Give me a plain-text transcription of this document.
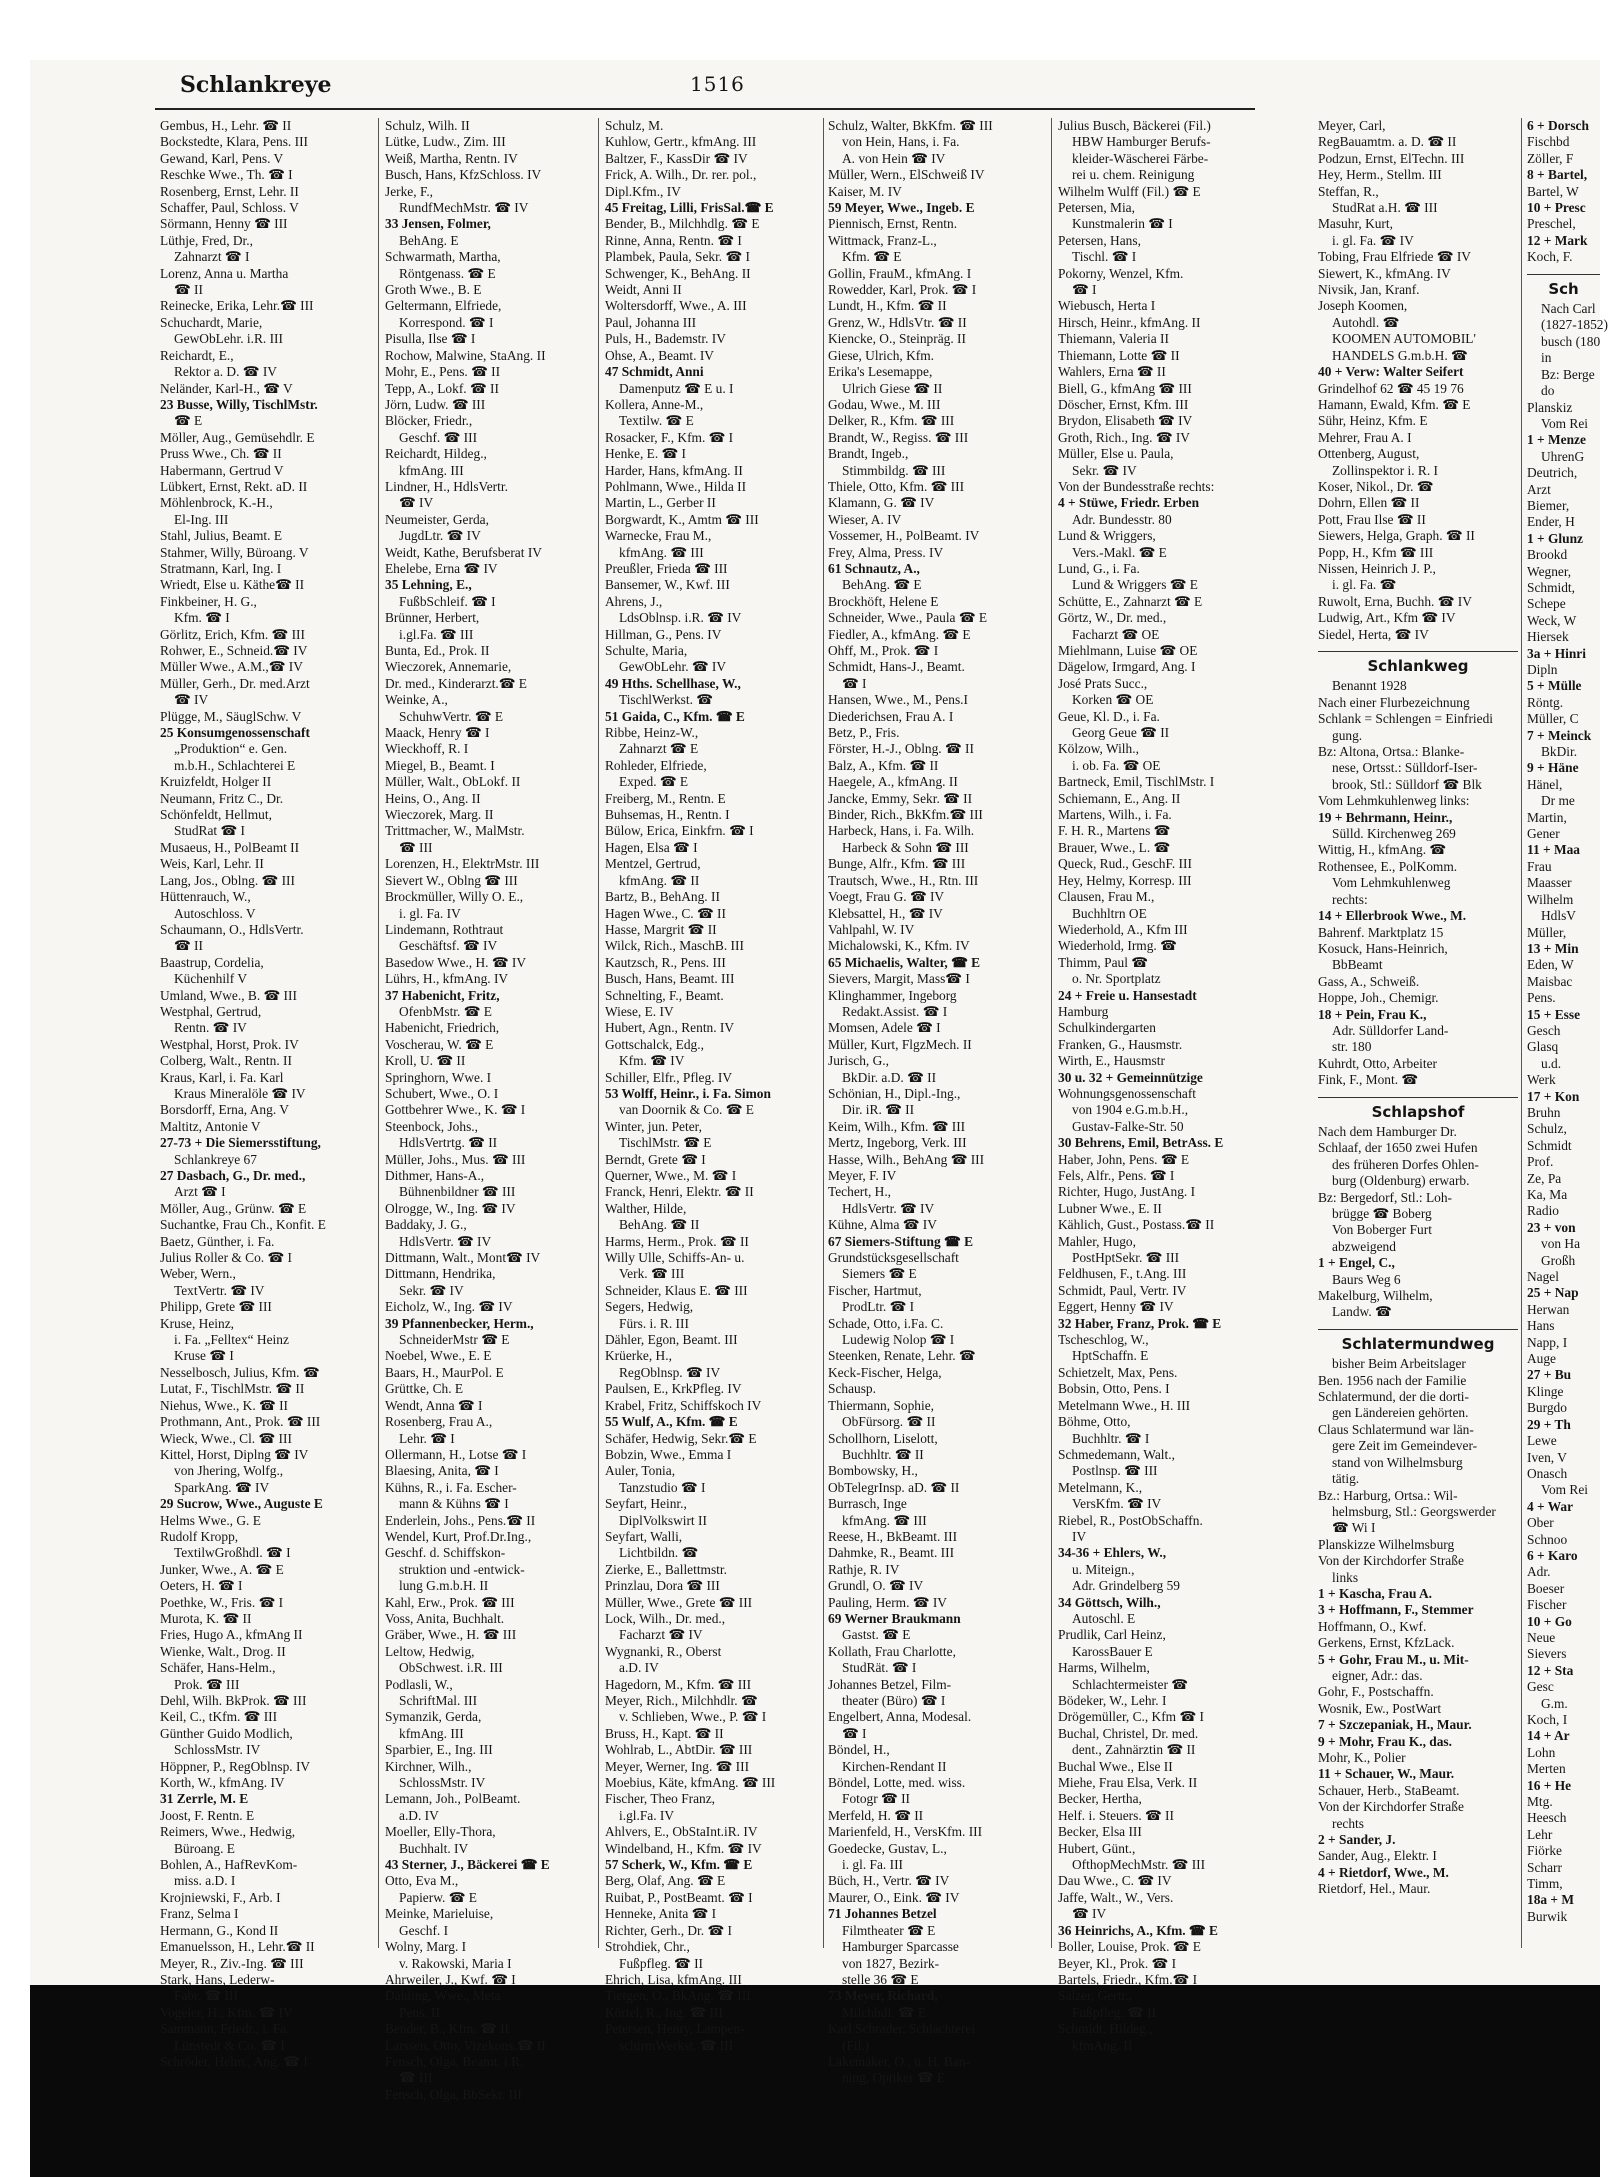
Schlankreye	1516
Gembus, H., Lehr. ☎ II
Bockstedte, Klara, Pens. III
Gewand, Karl, Pens. V
Reschke Wwe., Th. ☎ I
Rosenberg, Ernst, Lehr. II
Schaffer, Paul, Schloss. V
Sörmann, Henny ☎ III
Lüthje, Fred, Dr.,
Zahnarzt ☎ I
Lorenz, Anna u. Martha
☎ II
Reinecke, Erika, Lehr.☎ III
Schuchardt, Marie,
GewObLehr. i.R. III
Reichardt, E.,
Rektor a. D. ☎ IV
Neländer, Karl-H., ☎ V
23 Busse, Willy, TischlMstr.
☎ E
Möller, Aug., Gemüsehdlr. E
Pruss Wwe., Ch. ☎ II
Habermann, Gertrud V
Lübkert, Ernst, Rekt. aD. II
Möhlenbrock, K.-H.,
El-Ing. III
Stahl, Julius, Beamt. E
Stahmer, Willy, Büroang. V
Stratmann, Karl, Ing. I
Wriedt, Else u. Käthe☎ II
Finkbeiner, H. G.,
Kfm. ☎ I
Görlitz, Erich, Kfm. ☎ III
Rohwer, E., Schneid.☎ IV
Müller Wwe., A.M.,☎ IV
Müller, Gerh., Dr. med.Arzt
☎ IV
Plügge, M., SäuglSchw. V
25 Konsumgenossenschaft
„Produktion“ e. Gen.
m.b.H., Schlachterei E
Kruizfeldt, Holger II
Neumann, Fritz C., Dr.
Schönfeldt, Hellmut,
StudRat ☎ I
Musaeus, H., PolBeamt II
Weis, Karl, Lehr. II
Lang, Jos., Oblng. ☎ III
Hüttenrauch, W.,
Autoschloss. V
Schaumann, O., HdlsVertr.
☎ II
Baastrup, Cordelia,
Küchenhilf V
Umland, Wwe., B. ☎ III
Westphal, Gertrud,
Rentn. ☎ IV
Westphal, Horst, Prok. IV
Colberg, Walt., Rentn. II
Kraus, Karl, i. Fa. Karl
Kraus Mineralöle ☎ IV
Borsdorff, Erna, Ang. V
Maltitz, Antonie V
27-73 + Die Siemersstiftung,
Schlankreye 67
27 Dasbach, G., Dr. med.,
Arzt ☎ I
Möller, Aug., Grünw. ☎ E
Suchantke, Frau Ch., Konfit. E
Baetz, Günther, i. Fa.
Julius Roller & Co. ☎ I
Weber, Wern.,
TextVertr. ☎ IV
Philipp, Grete ☎ III
Kruse, Heinz,
i. Fa. „Felltex“ Heinz
Kruse ☎ I
Nesselbosch, Julius, Kfm. ☎
Lutat, F., TischlMstr. ☎ II
Niehus, Wwe., K. ☎ II
Prothmann, Ant., Prok. ☎ III
Wieck, Wwe., Cl. ☎ III
Kittel, Horst, Diplng ☎ IV
von Jhering, Wolfg.,
SparkAng. ☎ IV
29 Sucrow, Wwe., Auguste E
Helms Wwe., G. E
Rudolf Kropp,
TextilwGroßhdl. ☎ I
Junker, Wwe., A. ☎ E
Oeters, H. ☎ I
Poethke, W., Fris. ☎ I
Murota, K. ☎ II
Fries, Hugo A., kfmAng II
Wienke, Walt., Drog. II
Schäfer, Hans-Helm.,
Prok. ☎ III
Dehl, Wilh. BkProk. ☎ III
Keil, C., tKfm. ☎ III
Günther Guido Modlich,
SchlossMstr. IV
Höppner, P., RegOblnsp. IV
Korth, W., kfmAng. IV
31 Zerrle, M. E
Joost, F. Rentn. E
Reimers, Wwe., Hedwig,
Büroang. E
Bohlen, A., HafRevKom-
miss. a.D. I
Krojniewski, F., Arb. I
Franz, Selma I
Hermann, G., Kond II
Emanuelsson, H., Lehr.☎ II
Meyer, R., Ziv.-Ing. ☎ III
Stark, Hans, Lederw-
Fabr. ☎ III
Vogeler, H., Kfm. ☎ IV
Sammann, Friedr., i. Fa.
Lünstedt & Co. ☎ I
Schröder, Helm., Ang. ☎ I
Schulz, Wilh. II
Lütke, Ludw., Zim. III
Weiß, Martha, Rentn. IV
Busch, Hans, KfzSchloss. IV
Jerke, F.,
RundfMechMstr. ☎ IV
33 Jensen, Folmer,
BehAng. E
Schwarmath, Martha,
Röntgenass. ☎ E
Groth Wwe., B. E
Geltermann, Elfriede,
Korrespond. ☎ I
Pisulla, Ilse ☎ I
Rochow, Malwine, StaAng. II
Mohr, E., Pens. ☎ II
Tepp, A., Lokf. ☎ II
Jörn, Ludw. ☎ III
Blöcker, Friedr.,
Geschf. ☎ III
Reichardt, Hildeg.,
kfmAng. III
Lindner, H., HdlsVertr.
☎ IV
Neumeister, Gerda,
JugdLtr. ☎ IV
Weidt, Kathe, Berufsberat IV
Ehelebe, Erna ☎ IV
35 Lehning, E.,
FußbSchleif. ☎ I
Brünner, Herbert,
i.gl.Fa. ☎ III
Bunta, Ed., Prok. II
Wieczorek, Annemarie,
Dr. med., Kinderarzt.☎ E
Weinke, A.,
SchuhwVertr. ☎ E
Maack, Henry ☎ I
Wieckhoff, R. I
Miegel, B., Beamt. I
Müller, Walt., ObLokf. II
Heins, O., Ang. II
Wieczorek, Marg. II
Trittmacher, W., MalMstr.
☎ III
Lorenzen, H., ElektrMstr. III
Sievert W., Oblng ☎ III
Brockmüller, Willy O. E.,
i. gl. Fa. IV
Lindemann, Rothtraut
Geschäftsf. ☎ IV
Basedow Wwe., H. ☎ IV
Lührs, H., kfmAng. IV
37 Habenicht, Fritz,
OfenbMstr. ☎ E
Habenicht, Friedrich,
Voscherau, W. ☎ E
Kroll, U. ☎ II
Springhorn, Wwe. I
Schubert, Wwe., O. I
Gottbehrer Wwe., K. ☎ I
Steenbock, Johs.,
HdlsVertrtg. ☎ II
Müller, Johs., Mus. ☎ III
Dithmer, Hans-A.,
Bühnenbildner ☎ III
Olrogge, W., Ing. ☎ IV
Baddaky, J. G.,
HdlsVertr. ☎ IV
Dittmann, Walt., Mont☎ IV
Dittmann, Hendrika,
Sekr. ☎ IV
Eicholz, W., Ing. ☎ IV
39 Pfannenbecker, Herm.,
SchneiderMstr ☎ E
Noebel, Wwe., E. E
Baars, H., MaurPol. E
Grüttke, Ch. E
Wendt, Anna ☎ I
Rosenberg, Frau A.,
Lehr. ☎ I
Ollermann, H., Lotse ☎ I
Blaesing, Anita, ☎ I
Kühns, R., i. Fa. Escher-
mann & Kühns ☎ I
Enderlein, Johs., Pens.☎ II
Wendel, Kurt, Prof.Dr.Ing.,
Geschf. d. Schiffskon-
struktion und -entwick-
lung G.m.b.H. II
Kahl, Erw., Prok. ☎ III
Voss, Anita, Buchhalt.
Gräber, Wwe., H. ☎ III
Leltow, Hedwig,
ObSchwest. i.R. III
Podlasli, W.,
SchriftMal. III
Symanzik, Gerda,
kfmAng. III
Sparbier, E., Ing. III
Kirchner, Wilh.,
SchlossMstr. IV
Lemann, Joh., PolBeamt.
a.D. IV
Moeller, Elly-Thora,
Buchhalt. IV
43 Sterner, J., Bäckerei ☎ E
Otto, Eva M.,
Papierw. ☎ E
Meinke, Marieluise,
Geschf. I
Wolny, Marg. I
v. Rakowski, Maria I
Ahrweiler, J., Kwf. ☎ I
Dähling, Wwe., Meta
Pens. II
Bender, B., Kfm. ☎ II
Larssen, Otto, Vizekons.☎ II
Fensch, Olga, Beamt. i.R.
☎ III
Fensch, Olga, BbSekr. III
Schulz, M.
Kuhlow, Gertr., kfmAng. III
Baltzer, F., KassDir ☎ IV
Frick, A. Wilh., Dr. rer. pol.,
Dipl.Kfm., IV
45 Freitag, Lilli, FrisSal.☎ E
Bender, B., Milchhdlg. ☎ E
Rinne, Anna, Rentn. ☎ I
Plambek, Paula, Sekr. ☎ I
Schwenger, K., BehAng. II
Weidt, Anni II
Woltersdorff, Wwe., A. III
Paul, Johanna III
Puls, H., Bademstr. IV
Ohse, A., Beamt. IV
47 Schmidt, Anni
Damenputz ☎ E u. I
Kollera, Anne-M.,
Textilw. ☎ E
Rosacker, F., Kfm. ☎ I
Henke, E. ☎ I
Harder, Hans, kfmAng. II
Pohlmann, Wwe., Hilda II
Martin, L., Gerber II
Borgwardt, K., Amtm ☎ III
Warnecke, Frau M.,
kfmAng. ☎ III
Preußler, Frieda ☎ III
Bansemer, W., Kwf. III
Ahrens, J.,
LdsOblnsp. i.R. ☎ IV
Hillman, G., Pens. IV
Schulte, Maria,
GewObLehr. ☎ IV
49 Hths. Schellhase, W.,
TischlWerkst. ☎
51 Gaida, C., Kfm. ☎ E
Ribbe, Heinz-W.,
Zahnarzt ☎ E
Rohleder, Elfriede,
Exped. ☎ E
Freiberg, M., Rentn. E
Buhsemas, H., Rentn. I
Bülow, Erica, Einkfrn. ☎ I
Hagen, Elsa ☎ I
Mentzel, Gertrud,
kfmAng. ☎ II
Bartz, B., BehAng. II
Hagen Wwe., C. ☎ II
Hasse, Margrit ☎ II
Wilck, Rich., MaschB. III
Kautzsch, R., Pens. III
Busch, Hans, Beamt. III
Schnelting, F., Beamt.
Wiese, E. IV
Hubert, Agn., Rentn. IV
Gottschalck, Edg.,
Kfm. ☎ IV
Schiller, Elfr., Pfleg. IV
53 Wolff, Heinr., i. Fa. Simon
van Doornik & Co. ☎ E
Winter, jun. Peter,
TischlMstr. ☎ E
Berndt, Grete ☎ I
Querner, Wwe., M. ☎ I
Franck, Henri, Elektr. ☎ II
Walther, Hilde,
BehAng. ☎ II
Harms, Herm., Prok. ☎ II
Willy Ulle, Schiffs-An- u.
Verk. ☎ III
Schneider, Klaus E. ☎ III
Segers, Hedwig,
Fürs. i. R. III
Dähler, Egon, Beamt. III
Krüerke, H.,
RegOblnsp. ☎ IV
Paulsen, E., KrkPfleg. IV
Krabel, Fritz, Schiffskoch IV
55 Wulf, A., Kfm. ☎ E
Schäfer, Hedwig, Sekr.☎ E
Bobzin, Wwe., Emma I
Auler, Tonia,
Tanzstudio ☎ I
Seyfart, Heinr.,
DiplVolkswirt II
Seyfart, Walli,
Lichtbildn. ☎
Zierke, E., Ballettmstr.
Prinzlau, Dora ☎ III
Müller, Wwe., Grete ☎ III
Lock, Wilh., Dr. med.,
Facharzt ☎ IV
Wygnanki, R., Oberst
a.D. IV
Hagedorn, M., Kfm. ☎ III
Meyer, Rich., Milchhdlr. ☎
v. Schlieben, Wwe., P. ☎ I
Bruss, H., Kapt. ☎ II
Wohlrab, L., AbtDir. ☎ III
Meyer, Werner, Ing. ☎ III
Moebius, Käte, kfmAng. ☎ III
Fischer, Theo Franz,
i.gl.Fa. IV
Ahlvers, E., ObStaInt.iR. IV
Windelband, H., Kfm. ☎ IV
57 Scherk, W., Kfm. ☎ E
Berg, Olaf, Ang. ☎ E
Ruibat, P., PostBeamt. ☎ I
Henneke, Anita ☎ I
Richter, Gerh., Dr. ☎ I
Strohdiek, Chr.,
Fußpfleg. ☎ II
Ehrich, Lisa, kfmAng. III
Tietgen, O., BkAng. ☎ III
Körtel, R., Ing. ☎ III
Petersen, Henry, Lampen-
schirmWerkst. ☎ III
Schulz, Walter, BkKfm. ☎ III
von Hein, Hans, i. Fa.
A. von Hein ☎ IV
Müller, Wern., ElSchweiß IV
Kaiser, M. IV
59 Meyer, Wwe., Ingeb. E
Piennisch, Ernst, Rentn.
Wittmack, Franz-L.,
Kfm. ☎ E
Gollin, FrauM., kfmAng. I
Rowedder, Karl, Prok. ☎ I
Lundt, H., Kfm. ☎ II
Grenz, W., HdlsVtr. ☎ II
Kiencke, O., Steinpräg. II
Giese, Ulrich, Kfm.
Erika's Lesemappe,
Ulrich Giese ☎ II
Godau, Wwe., M. III
Delker, R., Kfm. ☎ III
Brandt, W., Regiss. ☎ III
Brandt, Ingeb.,
Stimmbildg. ☎ III
Thiele, Otto, Kfm. ☎ III
Klamann, G. ☎ IV
Wieser, A. IV
Vossemer, H., PolBeamt. IV
Frey, Alma, Press. IV
61 Schnautz, A.,
BehAng. ☎ E
Brockhöft, Helene E
Schneider, Wwe., Paula ☎ E
Fiedler, A., kfmAng. ☎ E
Ohff, M., Prok. ☎ I
Schmidt, Hans-J., Beamt.
☎ I
Hansen, Wwe., M., Pens.I
Diederichsen, Frau A. I
Betz, P., Fris.
Förster, H.-J., Oblng. ☎ II
Balz, A., Kfm. ☎ II
Haegele, A., kfmAng. II
Jancke, Emmy, Sekr. ☎ II
Binder, Rich., BkKfm.☎ III
Harbeck, Hans, i. Fa. Wilh.
Harbeck & Sohn ☎ III
Bunge, Alfr., Kfm. ☎ III
Trautsch, Wwe., H., Rtn. III
Voegt, Frau G. ☎ IV
Klebsattel, H., ☎ IV
Vahlpahl, W. IV
Michalowski, K., Kfm. IV
65 Michaelis, Walter, ☎ E
Sievers, Margit, Mass☎ I
Klinghammer, Ingeborg
Redakt.Assist. ☎ I
Momsen, Adele ☎ I
Müller, Kurt, FlgzMech. II
Jurisch, G.,
BkDir. a.D. ☎ II
Schönian, H., Dipl.-Ing.,
Dir. iR. ☎ II
Keim, Wilh., Kfm. ☎ III
Mertz, Ingeborg, Verk. III
Hasse, Wilh., BehAng ☎ III
Meyer, F. IV
Techert, H.,
HdlsVertr. ☎ IV
Kühne, Alma ☎ IV
67 Siemers-Stiftung ☎ E
Grundstücksgesellschaft
Siemers ☎ E
Fischer, Hartmut,
ProdLtr. ☎ I
Schade, Otto, i.Fa. C.
Ludewig Nolop ☎ I
Steenken, Renate, Lehr. ☎
Keck-Fischer, Helga,
Schausp.
Thiermann, Sophie,
ObFürsorg. ☎ II
Schollhorn, Liselott,
Buchhltr. ☎ II
Bombowsky, H.,
ObTelegrInsp. aD. ☎ II
Burrasch, Inge
kfmAng. ☎ III
Reese, H., BkBeamt. III
Dahmke, R., Beamt. III
Rathje, R. IV
Grundl, O. ☎ IV
Pauling, Herm. ☎ IV
69 Werner Braukmann
Gastst. ☎ E
Kollath, Frau Charlotte,
StudRät. ☎ I
Johannes Betzel, Film-
theater (Büro) ☎ I
Engelbert, Anna, Modesal.
☎ I
Böndel, H.,
Kirchen-Rendant II
Böndel, Lotte, med. wiss.
Fotogr ☎ II
Merfeld, H. ☎ II
Marienfeld, H., VersKfm. III
Goedecke, Gustav, L.,
i. gl. Fa. III
Büch, H., Vertr. ☎ IV
Maurer, O., Eink. ☎ IV
71 Johannes Betzel
Filmtheater ☎ E
Hamburger Sparcasse
von 1827, Bezirk-
stelle 36 ☎ E
73 Meyer, Richard,
Milchhdl. ☎ E
Karl Schrader, Schlachterei
(Fil.)
Läkemäker, O., u. H. Ban-
ning, Optiker ☎ E
Julius Busch, Bäckerei (Fil.)
HBW Hamburger Berufs-
kleider-Wäscherei Färbe-
rei u. chem. Reinigung
Wilhelm Wulff (Fil.) ☎ E
Petersen, Mia,
Kunstmalerin ☎ I
Petersen, Hans,
Tischl. ☎ I
Pokorny, Wenzel, Kfm.
☎ I
Wiebusch, Herta I
Hirsch, Heinr., kfmAng. II
Thiemann, Valeria II
Thiemann, Lotte ☎ II
Wahlers, Erna ☎ II
Biell, G., kfmAng ☎ III
Döscher, Ernst, Kfm. III
Brydon, Elisabeth ☎ IV
Groth, Rich., Ing. ☎ IV
Müller, Else u. Paula,
Sekr. ☎ IV
Von der Bundesstraße rechts:
4 + Stüwe, Friedr. Erben
Adr. Bundesstr. 80
Lund & Wriggers,
Vers.-Makl. ☎ E
Lund, G., i. Fa.
Lund & Wriggers ☎ E
Schütte, E., Zahnarzt ☎ E
Görtz, W., Dr. med.,
Facharzt ☎ OE
Miehlmann, Luise ☎ OE
Dägelow, Irmgard, Ang. I
José Prats Succ.,
Korken ☎ OE
Geue, Kl. D., i. Fa.
Georg Geue ☎ II
Kölzow, Wilh.,
i. ob. Fa. ☎ OE
Bartneck, Emil, TischlMstr. I
Schiemann, E., Ang. II
Martens, Wilh., i. Fa.
F. H. R., Martens ☎
Brauer, Wwe., L. ☎
Queck, Rud., GeschF. III
Hey, Helmy, Korresp. III
Clausen, Frau M.,
Buchhltrn OE
Wiederhold, A., Kfm III
Wiederhold, Irmg. ☎
Thimm, Paul ☎
o. Nr. Sportplatz
24 + Freie u. Hansestadt
Hamburg
Schulkindergarten
Franken, G., Hausmstr.
Wirth, E., Hausmstr
30 u. 32 + Gemeinnützige
Wohnungsgenossenschaft
von 1904 e.G.m.b.H.,
Gustav-Falke-Str. 50
30 Behrens, Emil, BetrAss. E
Haber, John, Pens. ☎ E
Fels, Alfr., Pens. ☎ I
Richter, Hugo, JustAng. I
Lubner Wwe., E. II
Kählich, Gust., Postass.☎ II
Mahler, Hugo,
PostHptSekr. ☎ III
Feldhusen, F., t.Ang. III
Schmidt, Paul, Vertr. IV
Eggert, Henny ☎ IV
32 Haber, Franz, Prok. ☎ E
Tscheschlog, W.,
HptSchaffn. E
Schietzelt, Max, Pens.
Bobsin, Otto, Pens. I
Metelmann Wwe., H. III
Böhme, Otto,
Buchhltr. ☎ I
Schmedemann, Walt.,
Postlnsp. ☎ III
Metelmann, K.,
VersKfm. ☎ IV
Riebel, R., PostObSchaffn.
IV
34-36 + Ehlers, W.,
u. Miteign.,
Adr. Grindelberg 59
34 Göttsch, Wilh.,
Autoschl. E
Prudlik, Carl Heinz,
KarossBauer E
Harms, Wilhelm,
Schlachtermeister ☎
Bödeker, W., Lehr. I
Drögemüller, C., Kfm ☎ I
Buchal, Christel, Dr. med.
dent., Zahnärztin ☎ II
Buchal Wwe., Else II
Miehe, Frau Elsa, Verk. II
Becker, Hertha,
Helf. i. Steuers. ☎ II
Becker, Elsa III
Hubert, Günt.,
OfthopMechMstr. ☎ III
Dau Wwe., C. ☎ IV
Jaffe, Walt., W., Vers.
☎ IV
36 Heinrichs, A., Kfm. ☎ E
Boller, Louise, Prok. ☎ E
Beyer, Kl., Prok. ☎ I
Bartels, Friedr., Kfm.☎ I
Sälzer, Gertr.,
Fußpfleg. ☎ II
Schmidt, Hildeg.,
kfmAng. II
Meyer, Carl,
RegBauamtm. a. D. ☎ II
Podzun, Ernst, ElTechn. III
Hey, Herm., Stellm. III
Steffan, R.,
StudRat a.H. ☎ III
Masuhr, Kurt,
i. gl. Fa. ☎ IV
Tobing, Frau Elfriede ☎ IV
Siewert, K., kfmAng. IV
Nivsik, Jan, Kranf.
Joseph Koomen,
Autohdl. ☎
KOOMEN AUTOMOBIL'
HANDELS G.m.b.H. ☎
40 + Verw: Walter Seifert
Grindelhof 62 ☎ 45 19 76
Hamann, Ewald, Kfm. ☎ E
Sühr, Heinz, Kfm. E
Mehrer, Frau A. I
Ottenberg, August,
Zollinspektor i. R. I
Koser, Nikol., Dr. ☎
Dohrn, Ellen ☎ II
Pott, Frau Ilse ☎ II
Siewers, Helga, Graph. ☎ II
Popp, H., Kfm ☎ III
Nissen, Heinrich J. P.,
i. gl. Fa. ☎
Ruwolt, Erna, Buchh. ☎ IV
Ludwig, Art., Kfm ☎ IV
Siedel, Herta, ☎ IV
Schlankweg
Benannt 1928
Nach einer Flurbezeichnung
Schlank = Schlengen = Einfriedi
gung.
Bz: Altona, Ortsa.: Blanke-
nese, Ortsst.: Sülldorf-Iser-
brook, Stl.: Sülldorf ☎ Blk
Vom Lehmkuhlenweg links:
19 + Behrmann, Heinr.,
Sülld. Kirchenweg 269
Wittig, H., kfmAng. ☎
Rothensee, E., PolKomm.
Vom Lehmkuhlenweg
rechts:
14 + Ellerbrook Wwe., M.
Bahrenf. Marktplatz 15
Kosuck, Hans-Heinrich,
BbBeamt
Gass, A., Schweiß.
Hoppe, Joh., Chemigr.
18 + Pein, Frau K.,
Adr. Sülldorfer Land-
str. 180
Kuhrdt, Otto, Arbeiter
Fink, F., Mont. ☎
Schlapshof
Nach dem Hamburger Dr.
Schlaaf, der 1650 zwei Hufen
des früheren Dorfes Ohlen-
burg (Oldenburg) erwarb.
Bz: Bergedorf, Stl.: Loh-
brügge ☎ Boberg
Von Boberger Furt
abzweigend
1 + Engel, C.,
Baurs Weg 6
Makelburg, Wilhelm,
Landw. ☎
Schlatermundweg
bisher Beim Arbeitslager
Ben. 1956 nach der Familie
Schlatermund, der die dorti-
gen Ländereien gehörten.
Claus Schlatermund war län-
gere Zeit im Gemeindever-
stand von Wilhelmsburg
tätig.
Bz.: Harburg, Ortsa.: Wil-
helmsburg, Stl.: Georgswerder
☎ Wi I
Planskizze Wilhelmsburg
Von der Kirchdorfer Straße
links
1 + Kascha, Frau A.
3 + Hoffmann, F., Stemmer
Hoffmann, O., Kwf.
Gerkens, Ernst, KfzLack.
5 + Gohr, Frau M., u. Mit-
eigner, Adr.: das.
Gohr, F., Postschaffn.
Wosnik, Ew., PostWart
7 + Szczepaniak, H., Maur.
9 + Mohr, Frau K., das.
Mohr, K., Polier
11 + Schauer, W., Maur.
Schauer, Herb., StaBeamt.
Von der Kirchdorfer Straße
rechts
2 + Sander, J.
Sander, Aug., Elektr. I
4 + Rietdorf, Wwe., M.
Rietdorf, Hel., Maur.
6 + Dorsch
Fischbd
Zöller, F
8 + Bartel,
Bartel, W
10 + Presc
Preschel,
12 + Mark
Koch, F.
Sch
Nach Carl
(1827-1852)
busch (180
in
Bz: Berge
do
Planskiz
Vom Rei
1 + Menze
UhrenG
Deutrich,
Arzt
Biemer,
Ender, H
1 + Glunz
Brookd
Wegner,
Schmidt,
Schepe
Weck, W
Hiersek
3a + Hinri
Dipln
5 + Mülle
Röntg.
Müller, C
7 + Meinck
BkDir.
9 + Häne
Hänel,
Dr me
Martin,
Gener
11 + Maa
Frau
Maasser
Wilhelm
HdlsV
Müller,
13 + Min
Eden, W
Maisbac
Pens.
15 + Esse
Gesch
Glasq
u.d.
Werk
17 + Kon
Bruhn
Schulz,
Schmidt
Prof.
Ze, Pa
Ka, Ma
Radio
23 + von
von Ha
Großh
Nagel
25 + Nap
Herwan
Hans
Napp, I
Auge
27 + Bu
Klinge
Burgdo
29 + Th
Lewe
Iven, V
Onasch
Vom Rei
4 + War
Ober
Schnoo
6 + Karo
Adr.
Boeser
Fischer
10 + Go
Neue
Sievers
12 + Sta
Gesc
G.m.
Koch, I
14 + Ar
Lohn
Merten
16 + He
Mtg.
Heesch
Lehr
Fiörke
Scharr
Timm,
18a + M
Burwik
